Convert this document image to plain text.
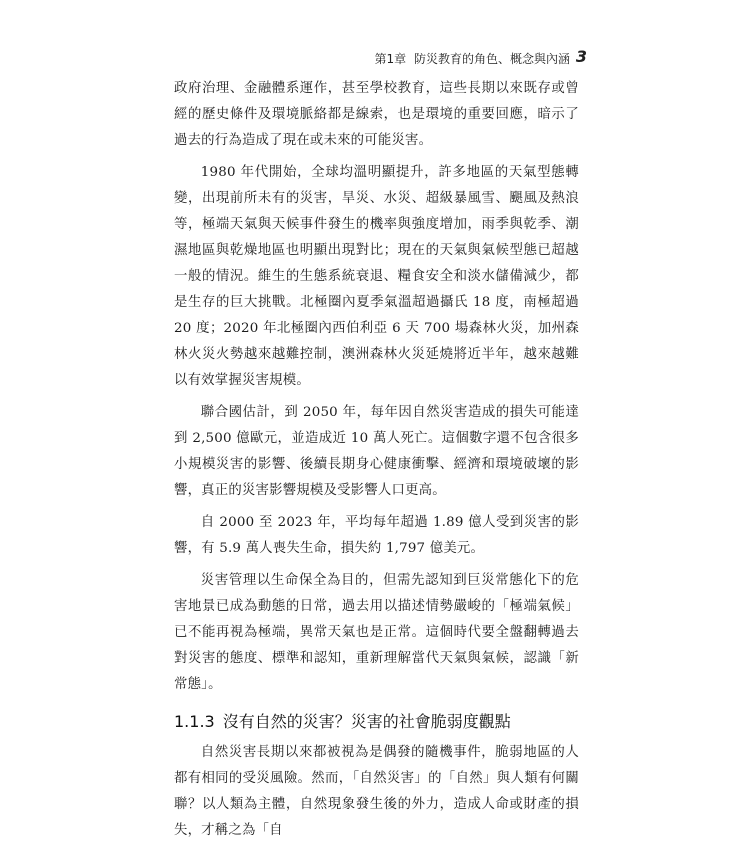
第1章 防災教育的角色、概念與內涵 3

政府治理、金融體系運作，甚至學校教育，這些長期以來既存或曾經的歷史條件及環境脈絡都是線索，也是環境的重要回應，暗示了過去的行為造成了現在或未來的可能災害。

1980 年代開始，全球均溫明顯提升，許多地區的天氣型態轉變，出現前所未有的災害，旱災、水災、超級暴風雪、颶風及熱浪等，極端天氣與天候事件發生的機率與強度增加，雨季與乾季、潮濕地區與乾燥地區也明顯出現對比；現在的天氣與氣候型態已超越一般的情況。維生的生態系統衰退、糧食安全和淡水儲備減少，都是生存的巨大挑戰。北極圈內夏季氣溫超過攝氏 18 度，南極超過 20 度；2020 年北極圈內西伯利亞 6 天 700 場森林火災，加州森林火災火勢越來越難控制，澳洲森林火災延燒將近半年，越來越難以有效掌握災害規模。

聯合國估計，到 2050 年，每年因自然災害造成的損失可能達到 2,500 億歐元，並造成近 10 萬人死亡。這個數字還不包含很多小規模災害的影響、後續長期身心健康衝擊、經濟和環境破壞的影響，真正的災害影響規模及受影響人口更高。

自 2000 至 2023 年，平均每年超過 1.89 億人受到災害的影響，有 5.9 萬人喪失生命，損失約 1,797 億美元。

災害管理以生命保全為目的，但需先認知到巨災常態化下的危害地景已成為動態的日常，過去用以描述情勢嚴峻的「極端氣候」已不能再視為極端，異常天氣也是正常。這個時代要全盤翻轉過去對災害的態度、標準和認知，重新理解當代天氣與氣候，認識「新常態」。

1.1.3 沒有自然的災害？災害的社會脆弱度觀點

自然災害長期以來都被視為是偶發的隨機事件，脆弱地區的人都有相同的受災風險。然而，「自然災害」的「自然」與人類有何關聯？以人類為主體，自然現象發生後的外力，造成人命或財產的損失，才稱之為「自
